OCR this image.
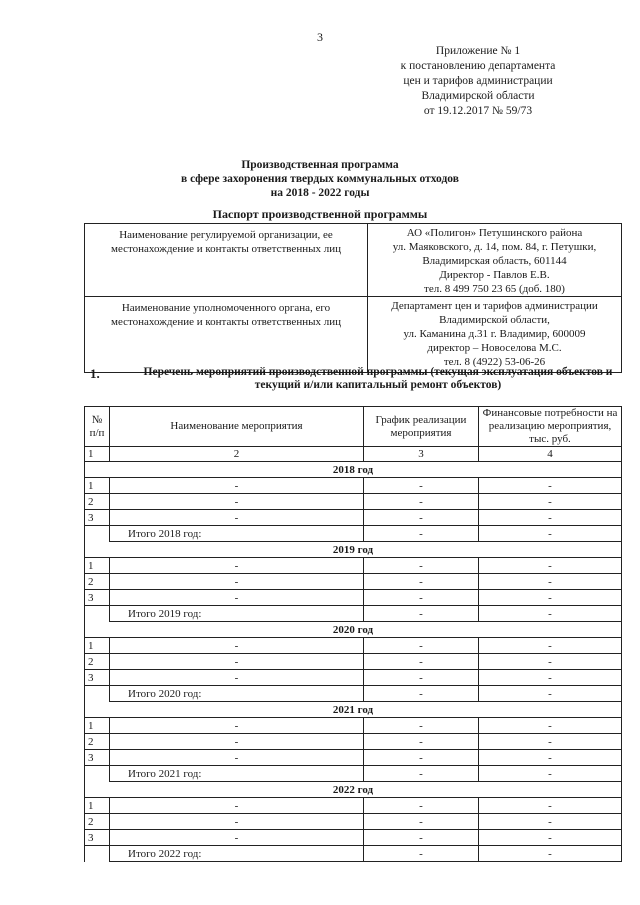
3
Приложение № 1
к постановлению департамента
цен и тарифов администрации
Владимирской области
от 19.12.2017 № 59/73
Производственная программа
в сфере захоронения твердых коммунальных отходов
на 2018 - 2022 годы
Паспорт производственной программы
Наименование регулируемой организации, ее местонахождение и контакты ответственных лиц	АО «Полигон» Петушинского района
ул. Маяковского, д. 14, пом. 84, г. Петушки,
Владимирская область, 601144
Директор - Павлов Е.В.
тел. 8 499 750 23 65 (доб. 180)

Наименование уполномоченного органа, его местонахождение и контакты ответственных лиц	Департамент цен и тарифов администрации
Владимирской области,
ул. Каманина д.31 г. Владимир, 600009
директор – Новоселова М.С.
тел. 8 (4922) 53-06-26
1.	Перечень мероприятий производственной программы (текущая эксплуатация объектов и текущий и/или капитальный ремонт объектов)
№ п/п	Наименование мероприятия	График реализации мероприятия	Финансовые потребности на реализацию мероприятия, тыс. руб.
1	2	3	4
2018 год			
1	-	-	-
2	-	-	-
3	-	-	-
	Итого 2018 год:	-	-
2019 год			
1	-	-	-
2	-	-	-
3	-	-	-
	Итого 2019 год:	-	-
2020 год			
1	-	-	-
2	-	-	-
3	-	-	-
	Итого 2020 год:	-	-
2021 год			
1	-	-	-
2	-	-	-
3	-	-	-
	Итого 2021 год:	-	-
2022 год			
1	-	-	-
2	-	-	-
3	-	-	-
	Итого 2022 год:	-	-
